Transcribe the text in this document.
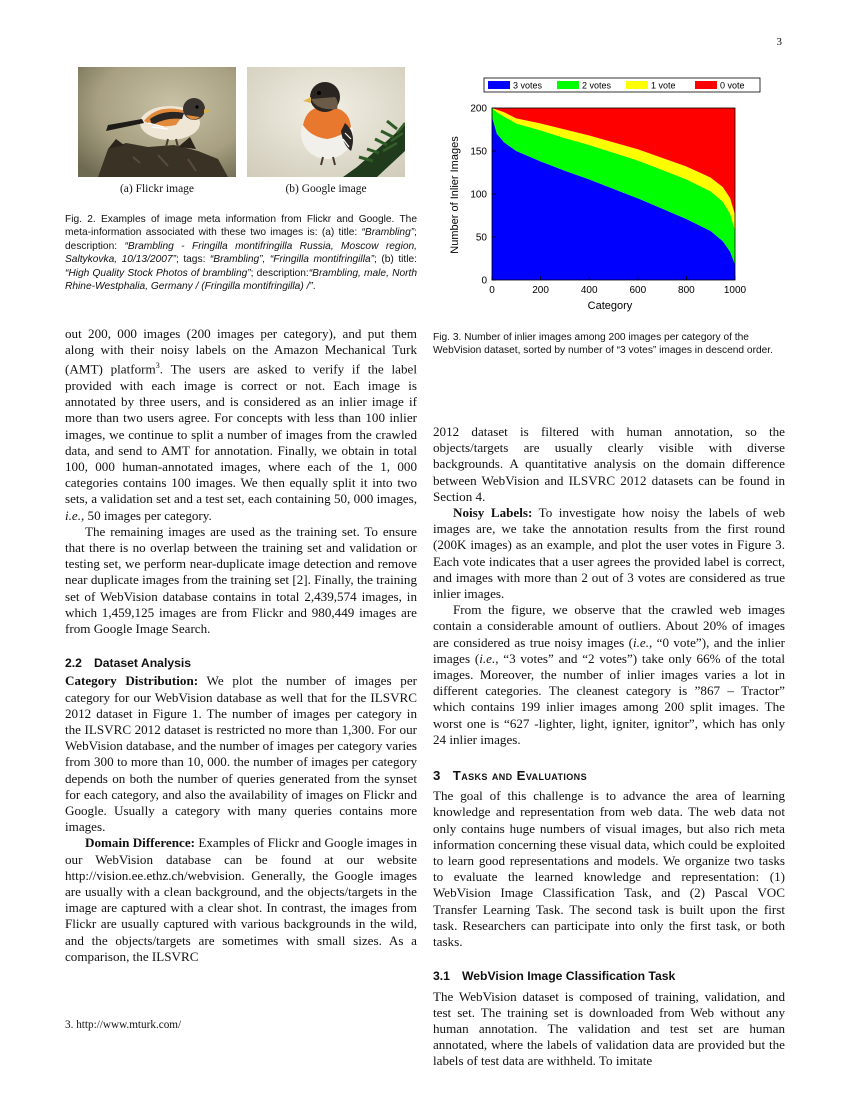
3
(a) Flickr image	(b) Google image

Fig. 2. Examples of image meta information from Flickr and Google. The meta-information associated with these two images is: (a) title: “Brambling”; description: “Brambling - Fringilla montifringilla Russia, Moscow region, Saltykovka, 10/13/2007”; tags: “Brambling”, “Fringilla montifringilla”; (b) title: “High Quality Stock Photos of brambling”; description:“Brambling, male, North Rhine-Westphalia, Germany / (Fringilla montifringilla) /”.

3 votes	2 votes	1 vote	0 vote
0
50
100
150
200
0	200	400	600	800	1000
Category
Number of Inlier Images

Fig. 3. Number of inlier images among 200 images per category of the WebVision dataset, sorted by number of “3 votes” images in descend order.

out 200, 000 images (200 images per category), and put them along with their noisy labels on the Amazon Mechanical Turk (AMT) platform$^3$. The users are asked to verify if the label provided with each image is correct or not. Each image is annotated by three users, and is considered as an inlier image if more than two users agree. For concepts with less than 100 inlier images, we continue to split a number of images from the crawled data, and send to AMT for annotation. Finally, we obtain in total 100, 000 human-annotated images, where each of the 1, 000 categories contains 100 images. We then equally split it into two sets, a validation set and a test set, each containing 50, 000 images, i.e., 50 images per category.

The remaining images are used as the training set. To ensure that there is no overlap between the training set and validation or testing set, we perform near-duplicate image detection and remove near duplicate images from the training set [2]. Finally, the training set of WebVision database contains in total 2,439,574 images, in which 1,459,125 images are from Flickr and 980,449 images are from Google Image Search.

2.2 Dataset Analysis

Category Distribution: We plot the number of images per category for our WebVision database as well that for the ILSVRC 2012 dataset in Figure 1. The number of images per category in the ILSVRC 2012 dataset is restricted no more than 1,300. For our WebVision database, and the number of images per category varies from 300 to more than 10, 000. the number of images per category depends on both the number of queries generated from the synset for each category, and also the availability of images on Flickr and Google. Usually a category with many queries contains more images.

Domain Difference: Examples of Flickr and Google images in our WebVision database can be found at our website http://vision.ee.ethz.ch/webvision. Generally, the Google images are usually with a clean background, and the objects/targets in the image are captured with a clear shot. In contrast, the images from Flickr are usually captured with various backgrounds in the wild, and the objects/targets are sometimes with small sizes. As a comparison, the ILSVRC

3. http://www.mturk.com/

2012 dataset is filtered with human annotation, so the objects/targets are usually clearly visible with diverse backgrounds. A quantitative analysis on the domain difference between WebVision and ILSVRC 2012 datasets can be found in Section 4.

Noisy Labels: To investigate how noisy the labels of web images are, we take the annotation results from the first round (200K images) as an example, and plot the user votes in Figure 3. Each vote indicates that a user agrees the provided label is correct, and images with more than 2 out of 3 votes are considered as true inlier images.

From the figure, we observe that the crawled web images contain a considerable amount of outliers. About 20% of images are considered as true noisy images (i.e., “0 vote”), and the inlier images (i.e., “3 votes” and “2 votes”) take only 66% of the total images. Moreover, the number of inlier images varies a lot in different categories. The cleanest category is ”867 – Tractor” which contains 199 inlier images among 200 split images. The worst one is “627 -lighter, light, igniter, ignitor”, which has only 24 inlier images.

3 Tasks and Evaluations

The goal of this challenge is to advance the area of learning knowledge and representation from web data. The web data not only contains huge numbers of visual images, but also rich meta information concerning these visual data, which could be exploited to learn good representations and models. We organize two tasks to evaluate the learned knowledge and representation: (1) WebVision Image Classification Task, and (2) Pascal VOC Transfer Learning Task. The second task is built upon the first task. Researchers can participate into only the first task, or both tasks.

3.1 WebVision Image Classification Task

The WebVision dataset is composed of training, validation, and test set. The training set is downloaded from Web without any human annotation. The validation and test set are human annotated, where the labels of validation data are provided but the labels of test data are withheld. To imitate
